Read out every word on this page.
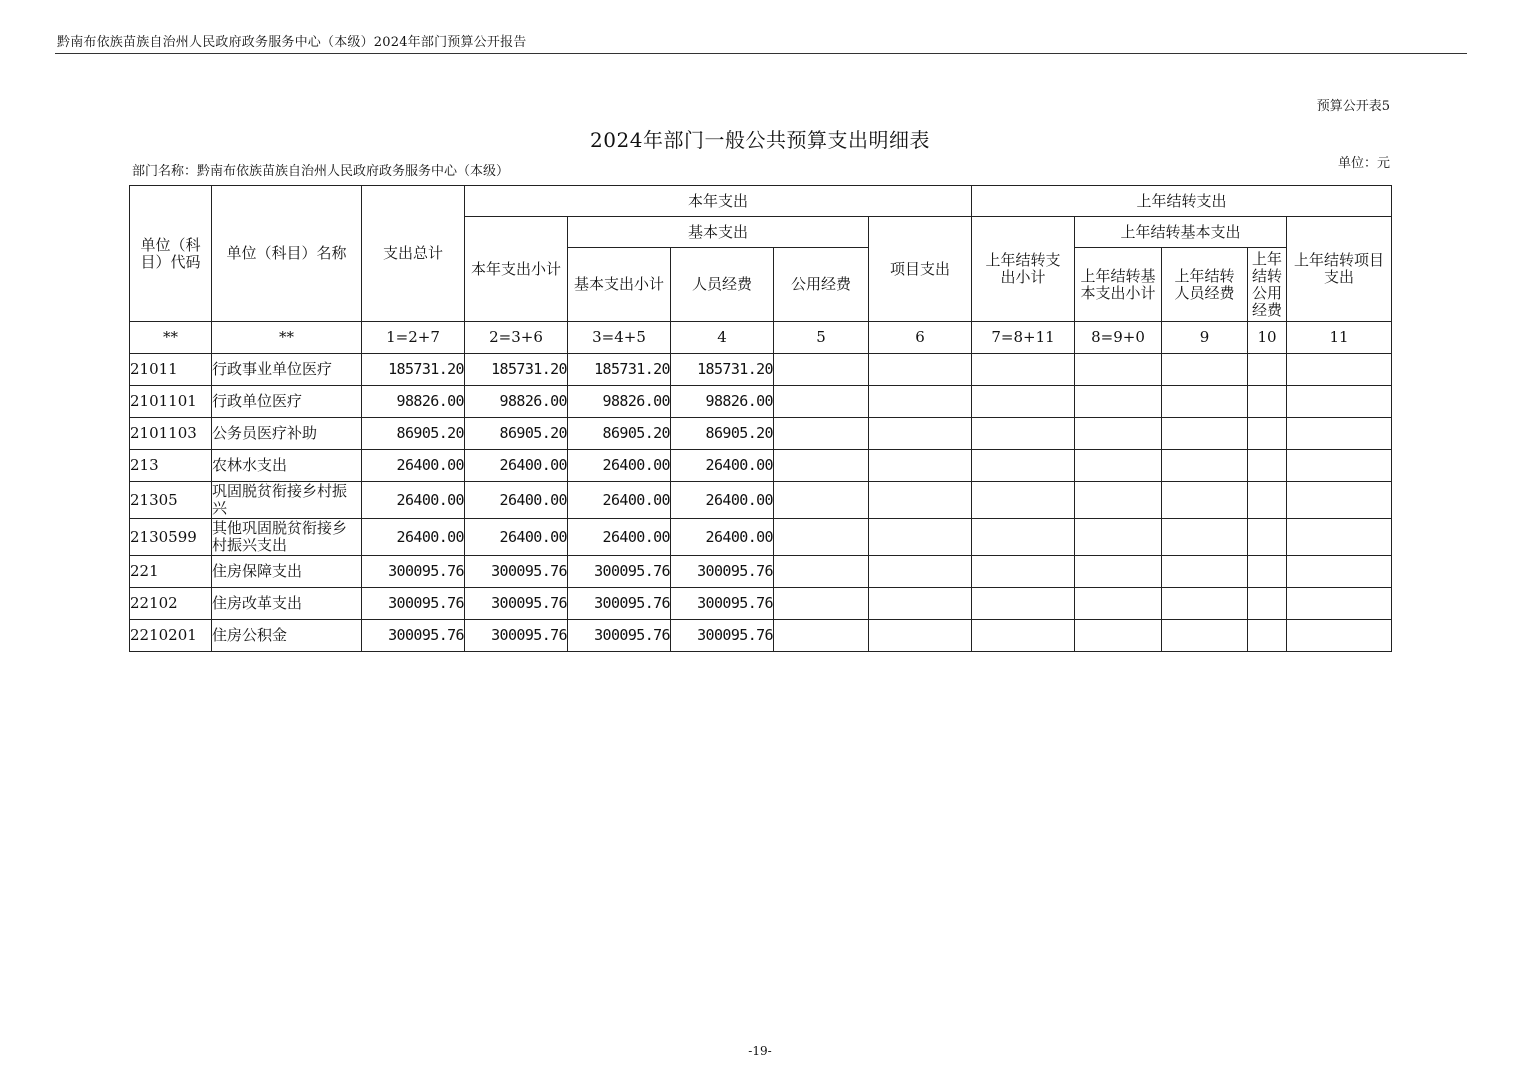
黔南布依族苗族自治州人民政府政务服务中心（本级）2024年部门预算公开报告
预算公开表5
2024年部门一般公共预算支出明细表
部门名称：黔南布依族苗族自治州人民政府政务服务中心（本级）
单位：元
单位（科目）代码	单位（科目）名称	支出总计	本年支出					上年结转支出				
			本年支出小计	基本支出			项目支出	上年结转支出小计	上年结转基本支出			上年结转项目支出
				基本支出小计	人员经费	公用经费			上年结转基本支出小计	上年结转人员经费	上年结转公用经费	
**	**	1=2+7	2=3+6	3=4+5	4	5	6	7=8+11	8=9+0	9	10	11
21011	行政事业单位医疗	185731.20	185731.20	185731.20	185731.20							
2101101	行政单位医疗	98826.00	98826.00	98826.00	98826.00							
2101103	公务员医疗补助	86905.20	86905.20	86905.20	86905.20							
213	农林水支出	26400.00	26400.00	26400.00	26400.00							
21305	巩固脱贫衔接乡村振兴	26400.00	26400.00	26400.00	26400.00							
2130599	其他巩固脱贫衔接乡村振兴支出	26400.00	26400.00	26400.00	26400.00							
221	住房保障支出	300095.76	300095.76	300095.76	300095.76							
22102	住房改革支出	300095.76	300095.76	300095.76	300095.76							
2210201	住房公积金	300095.76	300095.76	300095.76	300095.76							
-19-
